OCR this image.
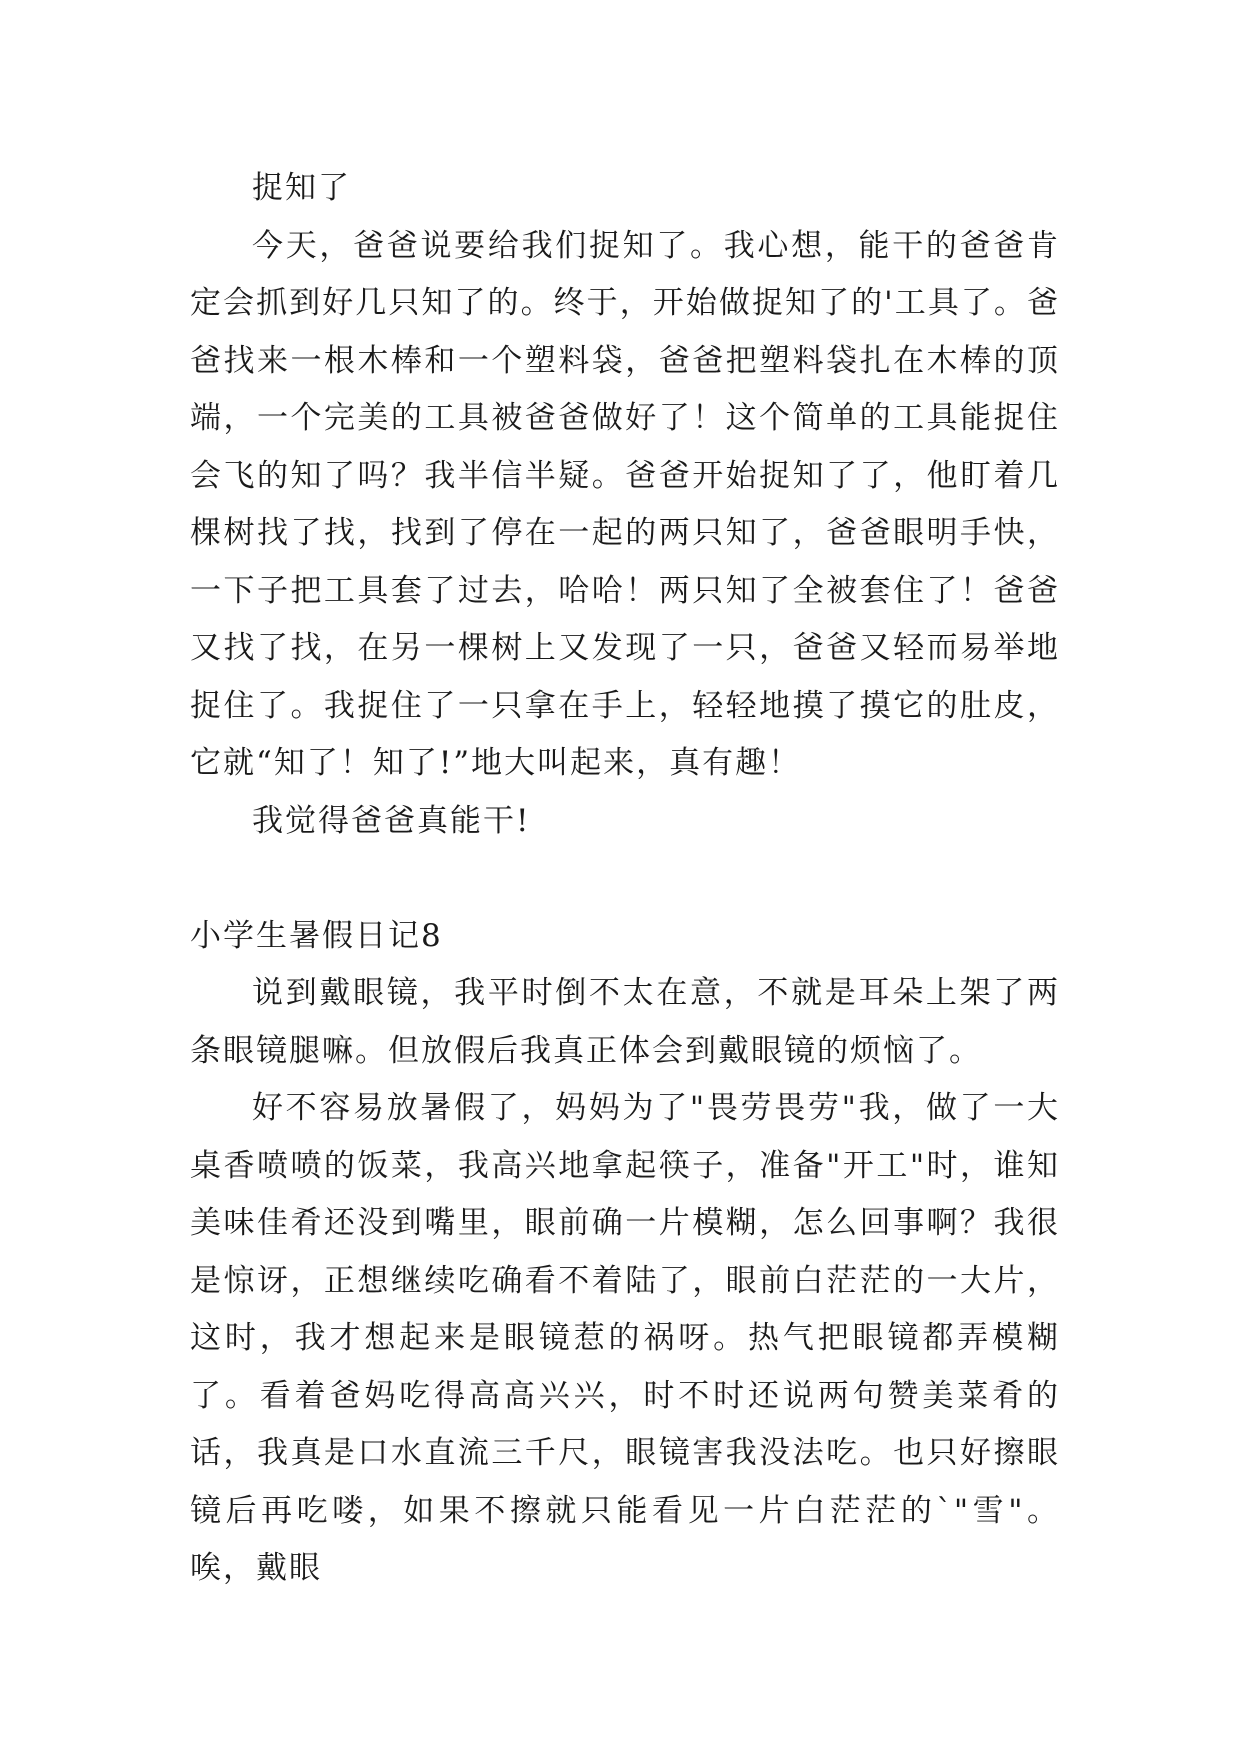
捉知了

今天，爸爸说要给我们捉知了。我心想，能干的爸爸肯定会抓到好几只知了的。终于，开始做捉知了的'工具了。爸爸找来一根木棒和一个塑料袋，爸爸把塑料袋扎在木棒的顶端，一个完美的工具被爸爸做好了！这个简单的工具能捉住会飞的知了吗？我半信半疑。爸爸开始捉知了了，他盯着几棵树找了找，找到了停在一起的两只知了，爸爸眼明手快，一下子把工具套了过去，哈哈！两只知了全被套住了！爸爸又找了找，在另一棵树上又发现了一只，爸爸又轻而易举地捉住了。我捉住了一只拿在手上，轻轻地摸了摸它的肚皮，它就“知了！知了!”地大叫起来，真有趣！

我觉得爸爸真能干!

小学生暑假日记8

说到戴眼镜，我平时倒不太在意，不就是耳朵上架了两条眼镜腿嘛。但放假后我真正体会到戴眼镜的烦恼了。

好不容易放暑假了，妈妈为了"畏劳畏劳"我，做了一大桌香喷喷的饭菜，我高兴地拿起筷子，准备"开工"时，谁知美味佳肴还没到嘴里，眼前确一片模糊，怎么回事啊？我很是惊讶，正想继续吃确看不着陆了，眼前白茫茫的一大片，这时，我才想起来是眼镜惹的祸呀。热气把眼镜都弄模糊了。看着爸妈吃得高高兴兴，时不时还说两句赞美菜肴的话，我真是口水直流三千尺，眼镜害我没法吃。也只好擦眼镜后再吃喽，如果不擦就只能看见一片白茫茫的`"雪"。唉，戴眼
